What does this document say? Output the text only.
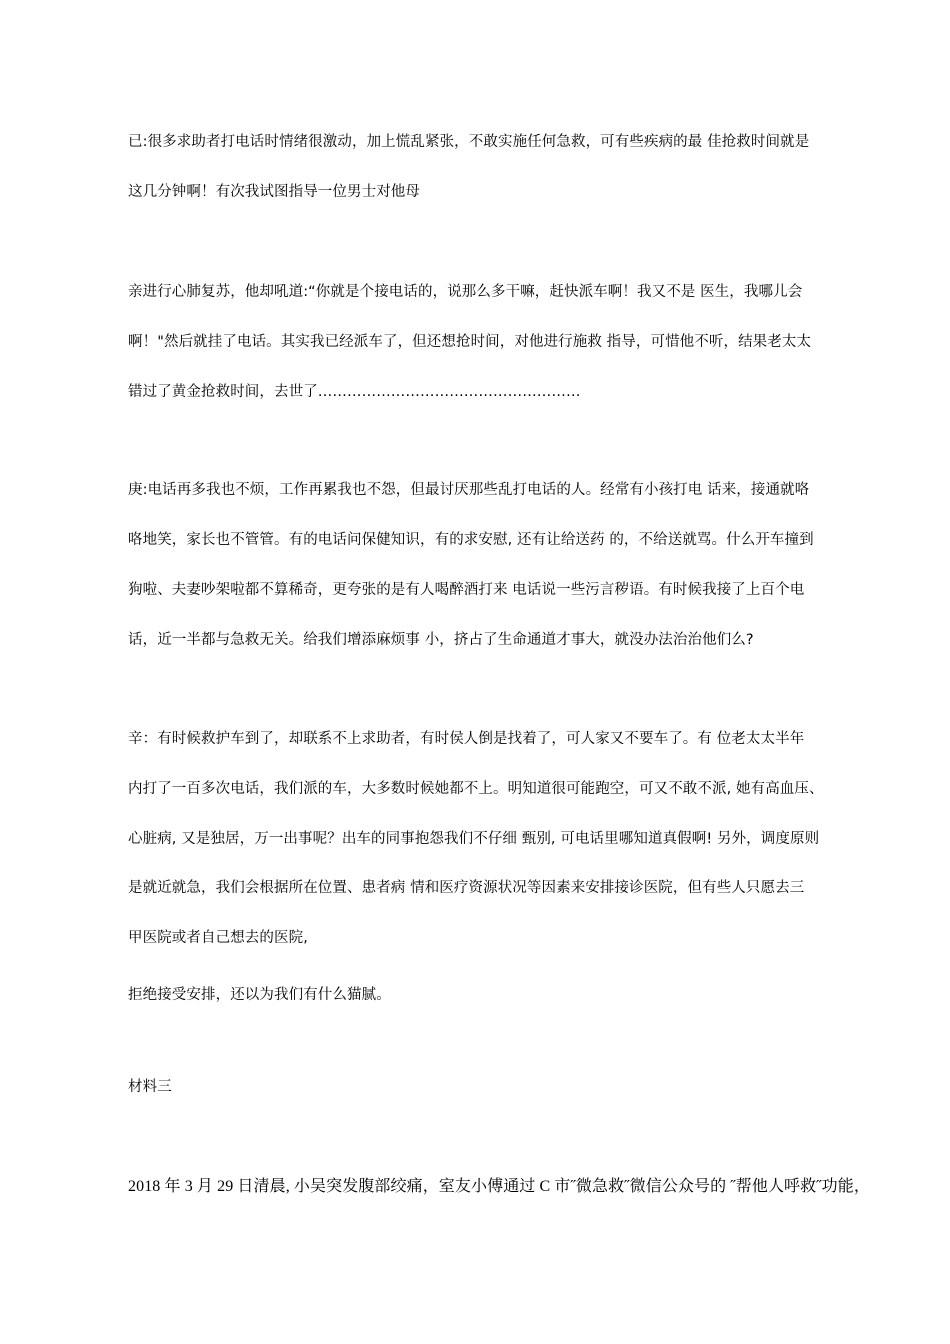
已:很多求助者打电话时情绪很激动，加上慌乱紧张，不敢实施任何急救，可有些疾病的最 佳抢救时间就是
这几分钟啊！有次我试图指导一位男士对他母
亲进行心肺复苏，他却吼道:“你就是个接电话的，说那么多干嘛，赶快派车啊！我又不是 医生，我哪儿会
啊！"然后就挂了电话。其实我已经派车了，但还想抢时间，对他进行施救 指导，可惜他不听，结果老太太
错过了黄金抢救时间，去世了………………………………………………
庚:电话再多我也不烦，工作再累我也不怨，但最讨厌那些乱打电话的人。经常有小孩打电 话来，接通就咯
咯地笑，家长也不管管。有的电话问保健知识，有的求安慰, 还有让给送药 的，不给送就骂。什么开车撞到
狗啦、夫妻吵架啦都不算稀奇，更夸张的是有人喝醉酒打来 电话说一些污言秽语。有时候我接了上百个电
话，近一半都与急救无关。给我们增添麻烦事 小，挤占了生命通道才事大，就没办法治治他们么?
辛：有时候救护车到了，却联系不上求助者，有时侯人倒是找着了，可人家又不要车了。有 位老太太半年
内打了一百多次电话，我们派的车，大多数时候她都不上。明知道很可能跑空，可又不敢不派, 她有高血压、
心脏病, 又是独居，万一出事呢？出车的同事抱怨我们不仔细 甄别, 可电话里哪知道真假啊! 另外，调度原则
是就近就急，我们会根据所在位置、患者病 情和医疗资源状况等因素来安排接诊医院，但有些人只愿去三
甲医院或者自己想去的医院,
拒绝接受安排，还以为我们有什么猫腻。
材料三
2018 年 3 月 29 日清晨, 小吴突发腹部绞痛，室友小傅通过 C 市˝微急救˝微信公众号的 ˝帮他人呼救˝功能，
